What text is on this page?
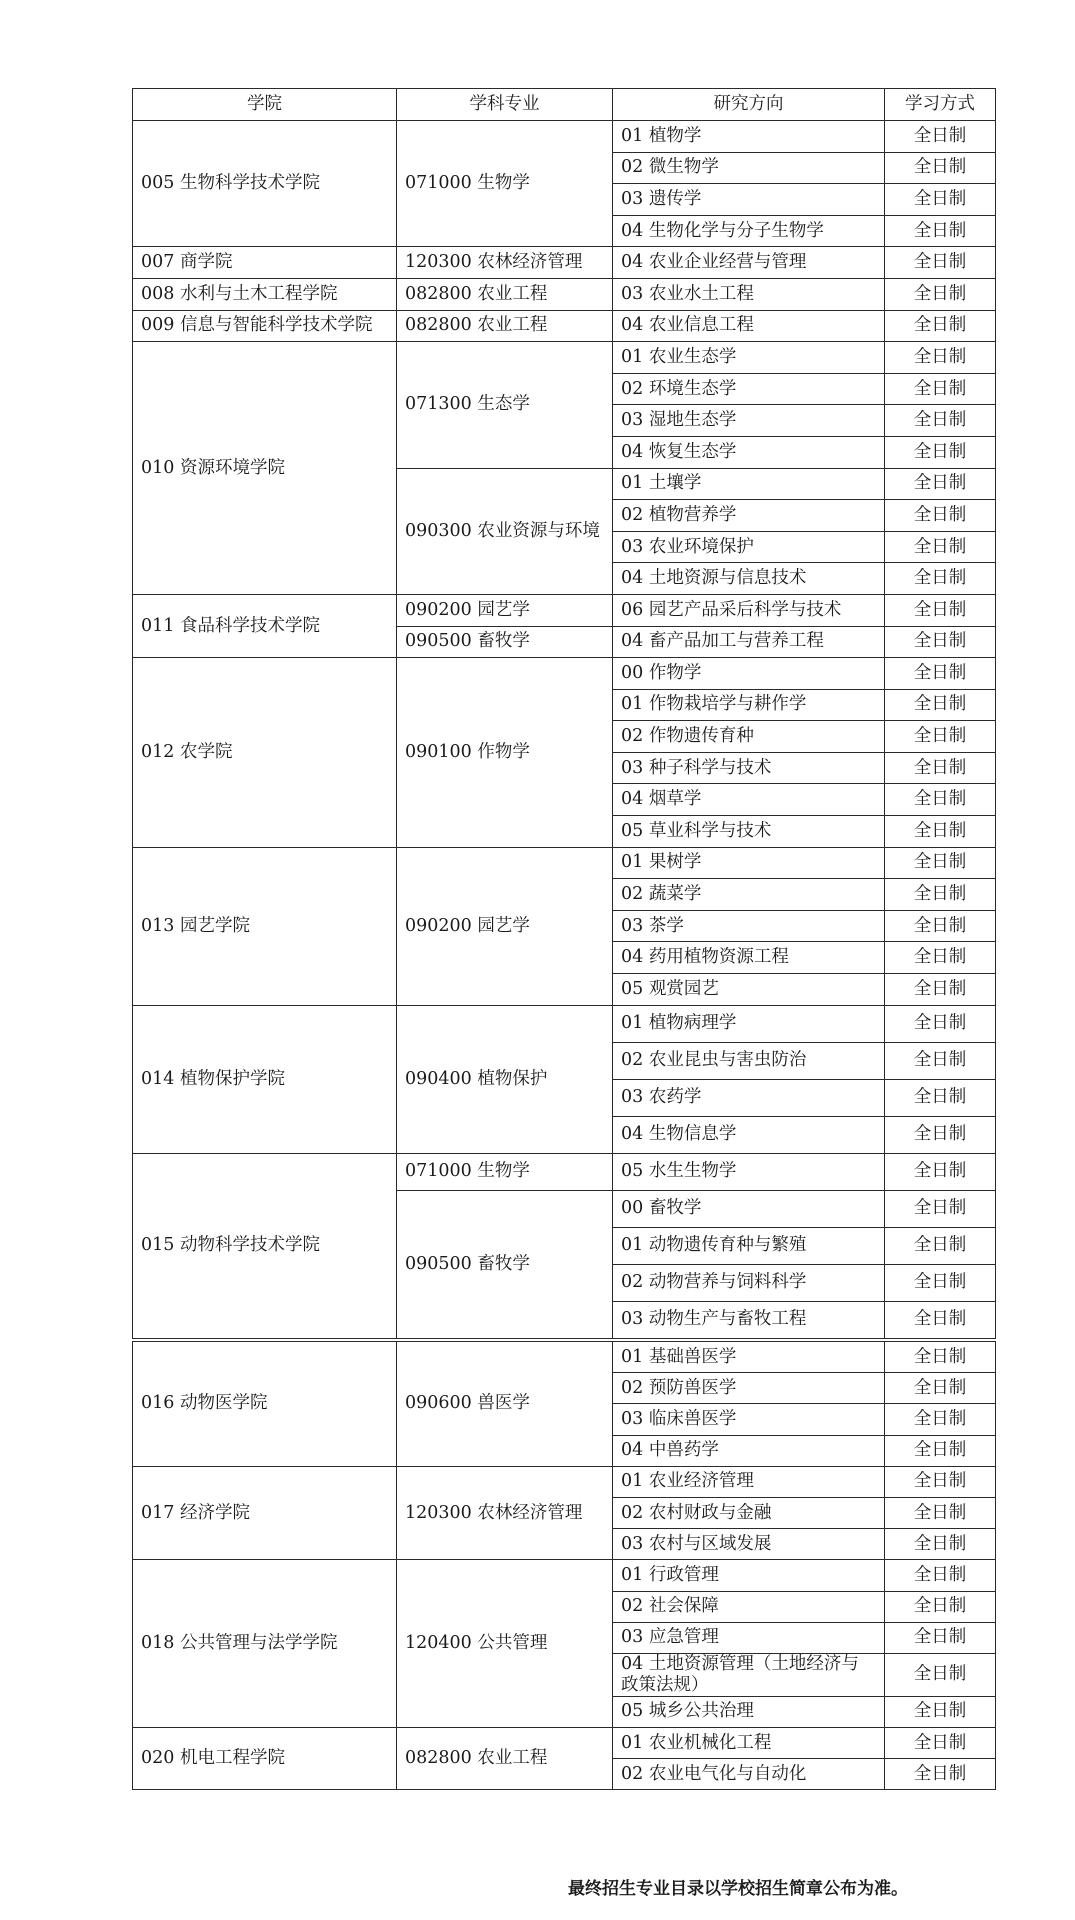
学院	学科专业	研究方向	学习方式
005 生物科学技术学院	071000 生物学	01 植物学	全日制
		02 微生物学	全日制
		03 遗传学	全日制
		04 生物化学与分子生物学	全日制
007 商学院	120300 农林经济管理	04 农业企业经营与管理	全日制
008 水利与土木工程学院	082800 农业工程	03 农业水土工程	全日制
009 信息与智能科学技术学院	082800 农业工程	04 农业信息工程	全日制
010 资源环境学院	071300 生态学	01 农业生态学	全日制
		02 环境生态学	全日制
		03 湿地生态学	全日制
		04 恢复生态学	全日制
	090300 农业资源与环境	01 土壤学	全日制
		02 植物营养学	全日制
		03 农业环境保护	全日制
		04 土地资源与信息技术	全日制
011 食品科学技术学院	090200 园艺学	06 园艺产品采后科学与技术	全日制
	090500 畜牧学	04 畜产品加工与营养工程	全日制
012 农学院	090100 作物学	00 作物学	全日制
		01 作物栽培学与耕作学	全日制
		02 作物遗传育种	全日制
		03 种子科学与技术	全日制
		04 烟草学	全日制
		05 草业科学与技术	全日制
013 园艺学院	090200 园艺学	01 果树学	全日制
		02 蔬菜学	全日制
		03 茶学	全日制
		04 药用植物资源工程	全日制
		05 观赏园艺	全日制
014 植物保护学院	090400 植物保护	01 植物病理学	全日制
		02 农业昆虫与害虫防治	全日制
		03 农药学	全日制
		04 生物信息学	全日制
015 动物科学技术学院	071000 生物学	05 水生生物学	全日制
	090500 畜牧学	00 畜牧学	全日制
		01 动物遗传育种与繁殖	全日制
		02 动物营养与饲料科学	全日制
		03 动物生产与畜牧工程	全日制
016 动物医学院	090600 兽医学	01 基础兽医学	全日制
		02 预防兽医学	全日制
		03 临床兽医学	全日制
		04 中兽药学	全日制
017 经济学院	120300 农林经济管理	01 农业经济管理	全日制
		02 农村财政与金融	全日制
		03 农村与区域发展	全日制
018 公共管理与法学学院	120400 公共管理	01 行政管理	全日制
		02 社会保障	全日制
		03 应急管理	全日制
		04 土地资源管理（土地经济与政策法规）	全日制
		05 城乡公共治理	全日制
020 机电工程学院	082800 农业工程	01 农业机械化工程	全日制
		02 农业电气化与自动化	全日制
最终招生专业目录以学校招生简章公布为准。
